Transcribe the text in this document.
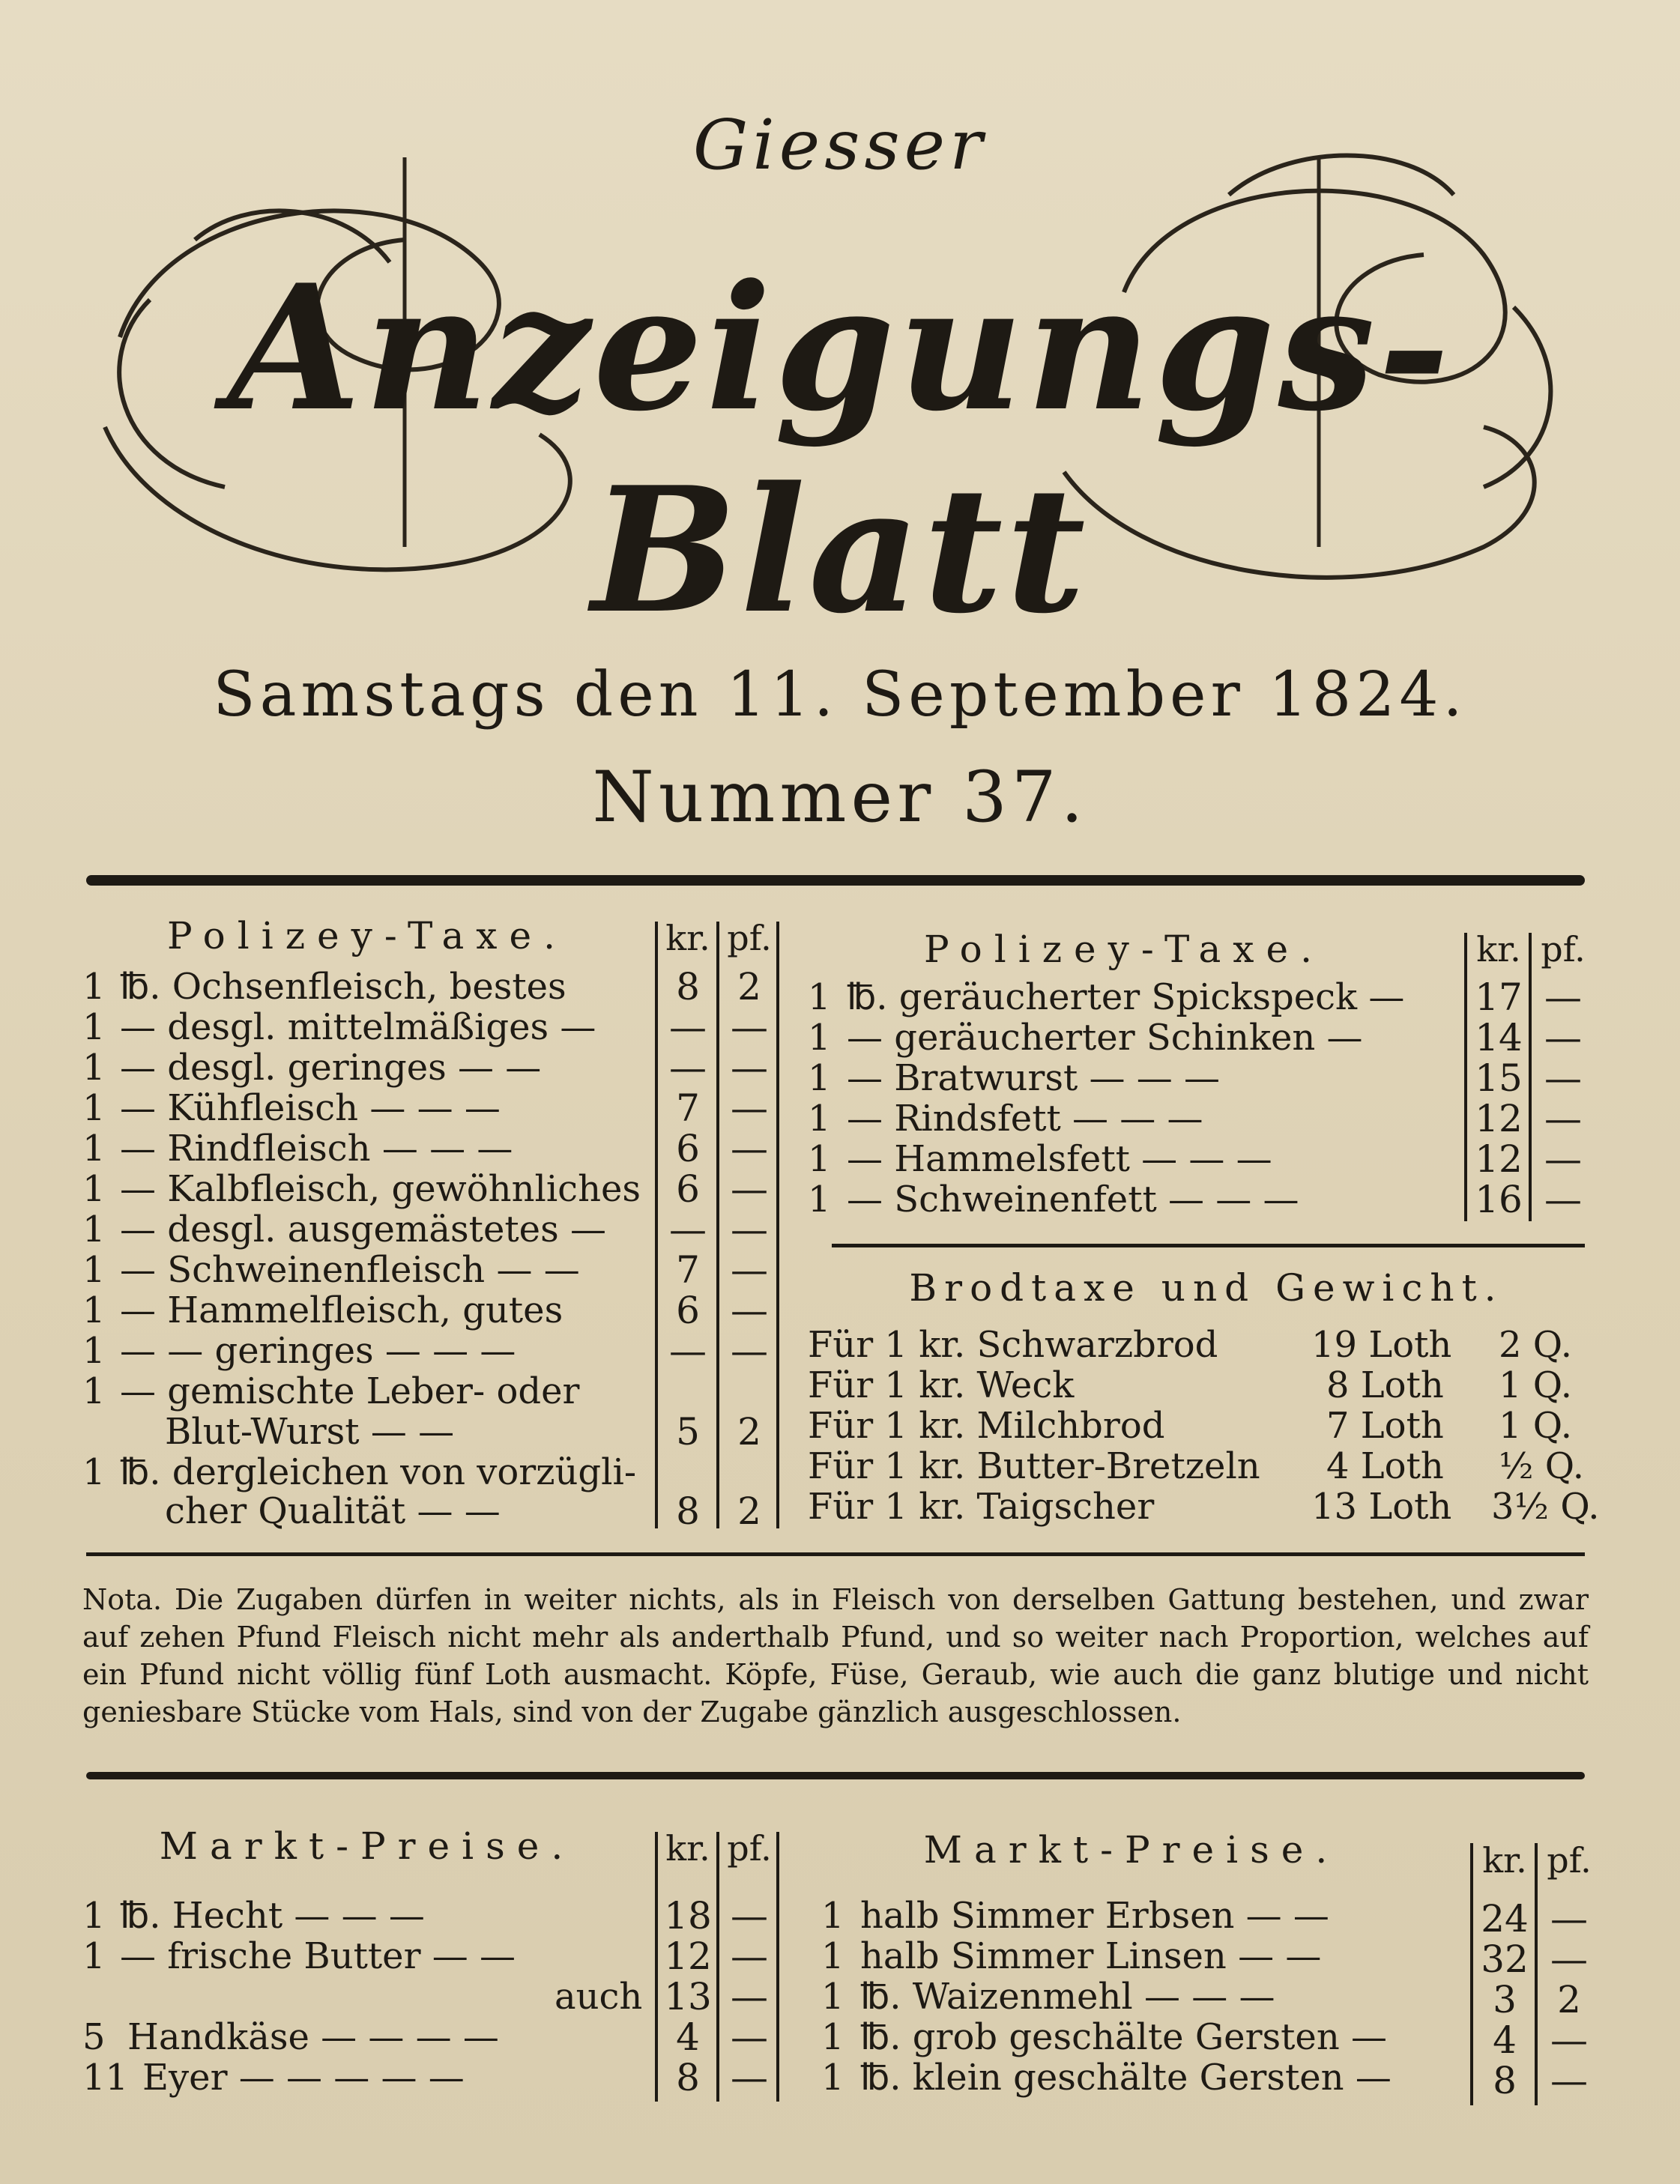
Giesser
Anzeigungs-Blatt
Samstags den 11. September 1824.
Nummer 37.
Polizey-Taxe.	kr. pf.
1 ℔. Ochsenfleisch, bestes	8	2
1 — desgl. mittelmäßiges —	— —
1 — desgl. geringes — —	— —
1 — Kühfleisch — — —	7 —
1 — Rindfleisch — — —	6 —
1 — Kalbfleisch, gewöhnliches 6 —
1 — desgl. ausgemästetes —	— —
1 — Schweinenfleisch — —	7 —
1 — Hammelfleisch, gutes	6 —
1 — — geringes — — —	— —
1 — gemischte Leber- oder
Blut-Wurst — —	5	2
1 ℔. dergleichen von vorzügli-
cher Qualität — —	8	2
Polizey-Taxe.	kr. pf.
1 ℔. geräucherter Spickspeck — 17 —
1 — geräucherter Schinken —	14 —
1 — Bratwurst — — —	15 —
1 — Rindsfett — — —	12 —
1 — Hammelsfett — — —	12 —
1 — Schweinenfett — — —	16 —
Brodtaxe und Gewicht.
Für 1 kr. Schwarzbrod	19 Loth 2 Q.
Für 1 kr. Weck	8 Loth 1 Q.
Für 1 kr. Milchbrod	7 Loth 1 Q.
Für 1 kr. Butter-Bretzeln 4 Loth ½ Q.
Für 1 kr. Taigscher	13 Loth 3½ Q.
Nota. Die Zugaben dürfen in weiter nichts, als in Fleisch von derselben Gattung bestehen, und zwar auf zehen Pfund Fleisch nicht mehr als anderthalb Pfund, und so weiter nach Proportion, welches auf ein Pfund nicht völlig fünf Loth ausmacht. Köpfe, Füse, Geraub, wie auch die ganz blutige und nicht geniesbare Stücke vom Hals, sind von der Zugabe gänzlich ausgeschlossen.
Markt-Preise.	kr. pf.
1 ℔. Hecht — — —	18 —
1 — frische Butter — —	12 —
auch 13 —
5 Handkäse — — — —	4 —
11 Eyer — — — — —	8 —
Markt-Preise.	kr. pf.
1 halb Simmer Erbsen — —	24 —
1 halb Simmer Linsen — —	32 —
1 ℔. Waizenmehl — — —	3	2
1 ℔. grob geschälte Gersten —	4 —
1 ℔. klein geschälte Gersten —	8 —
